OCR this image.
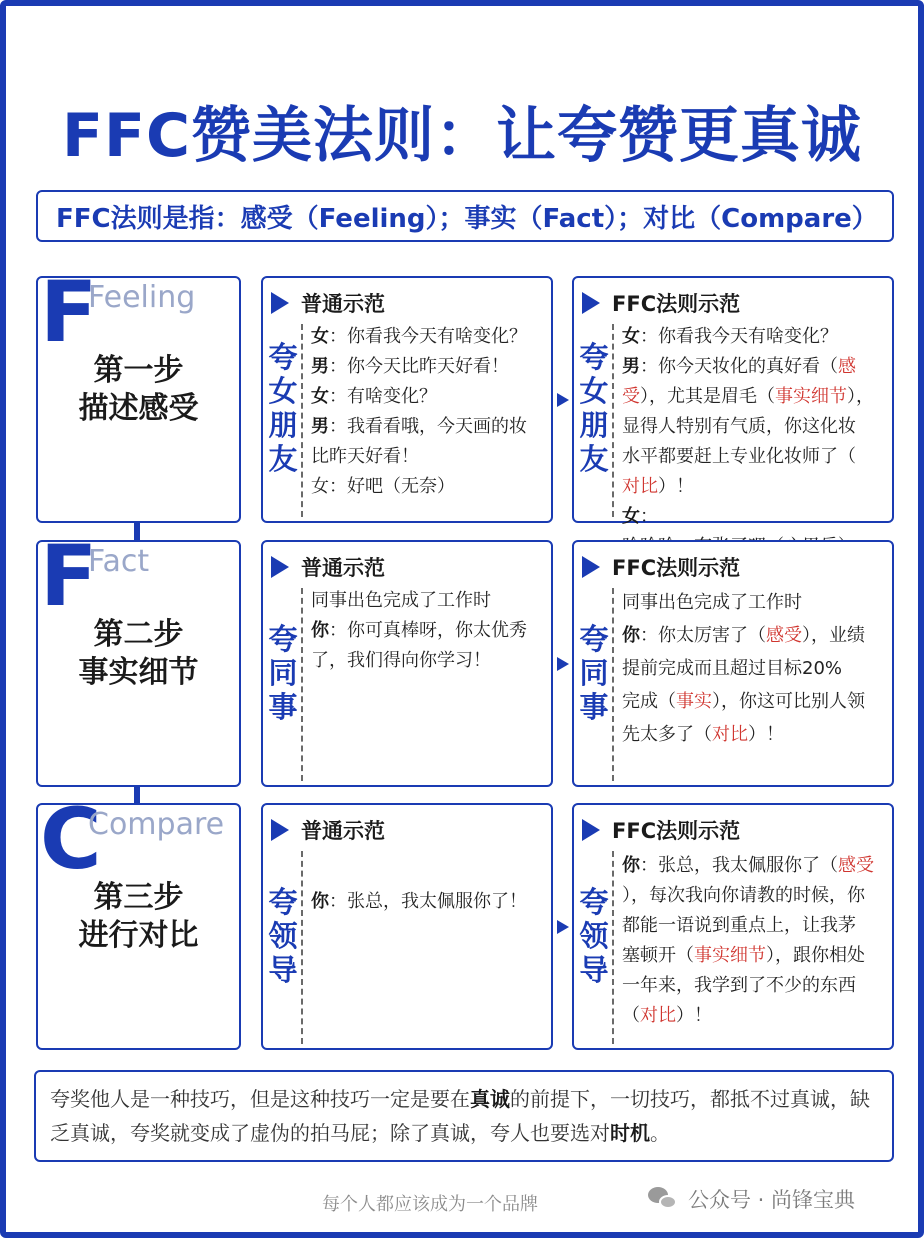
FFC赞美法则：让夸赞更真诚
FFC法则是指：感受（Feeling）；事实（Fact）；对比（Compare）
F
Feeling
第一步
描述感受
普通示范
夸女朋友
女：你看我今天有啥变化？
男：你今天比昨天好看！
女：有啥变化？
男：我看看哦，今天画的妆
比昨天好看！
女：好吧（无奈）
FFC法则示范
夸女朋友
女：你看我今天有啥变化？
男：你今天妆化的真好看（感
受），尤其是眉毛（事实细节），
显得人特别有气质，你这化妆
水平都要赶上专业化妆师了（
对比）！
女：
F
Fact
第二步
事实细节
普通示范
夸同事
同事出色完成了工作时
你：你可真棒呀，你太优秀
了，我们得向你学习！
FFC法则示范
夸同事
同事出色完成了工作时
你：你太厉害了（感受），业绩
提前完成而且超过目标20%
完成（事实），你这可比别人领
先太多了（对比）！
C
Compare
第三步
进行对比
普通示范
夸领导
你：张总，我太佩服你了！
FFC法则示范
夸领导
你：张总，我太佩服你了（感受
），每次我向你请教的时候，你
都能一语说到重点上，让我茅
塞顿开（事实细节），跟你相处
一年来，我学到了不少的东西
（对比）！
夸奖他人是一种技巧，但是这种技巧一定是要在真诚的前提下，一切技巧，都抵不过真诚，缺乏真诚，夸奖就变成了虚伪的拍马屁；除了真诚，夸人也要选对时机。
每个人都应该成为一个品牌	公众号 · 尚锋宝典
